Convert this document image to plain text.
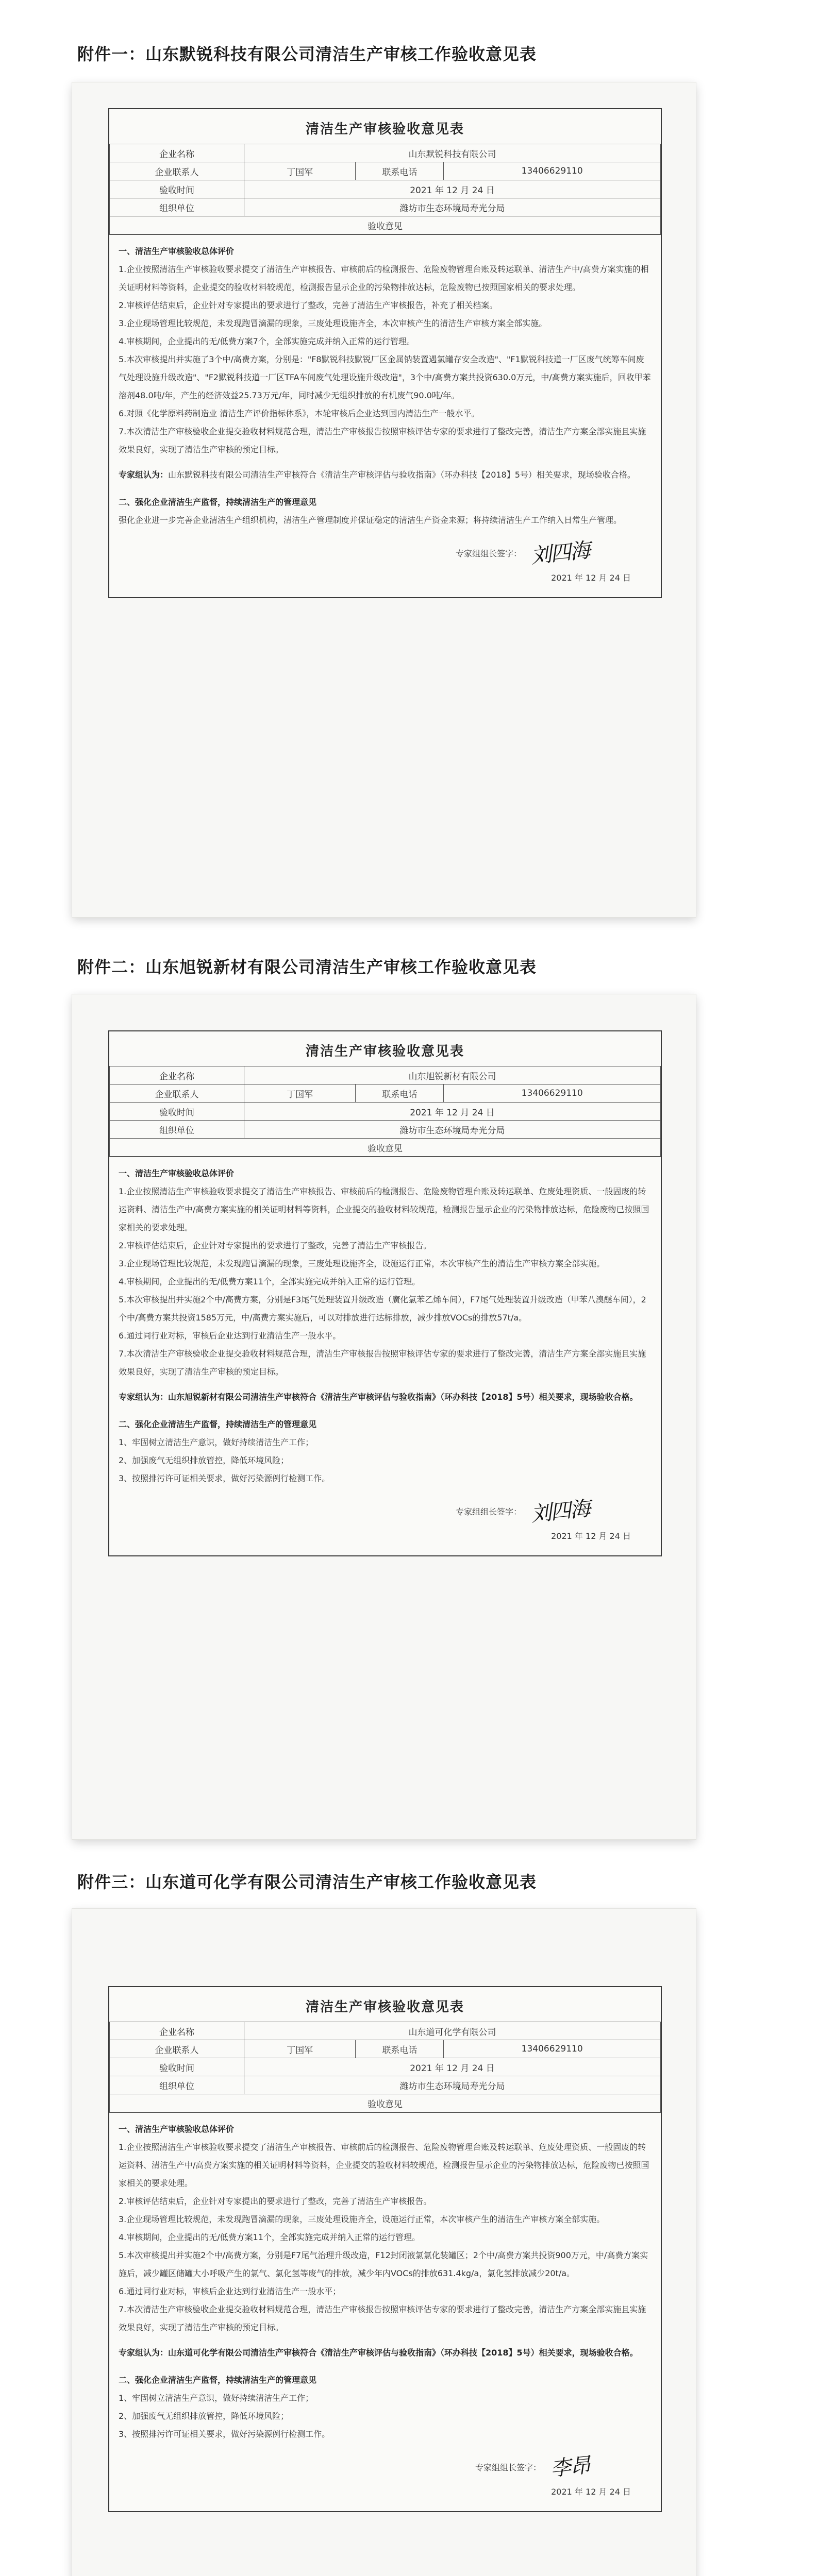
附件一：山东默锐科技有限公司清洁生产审核工作验收意见表
清洁生产审核验收意见表
企业名称	山东默锐科技有限公司		
企业联系人	丁国军	联系电话	13406629110
验收时间	2021 年 12 月 24 日		
组织单位	潍坊市生态环境局寿光分局		
验收意见			

一、清洁生产审核验收总体评价

1.企业按照清洁生产审核验收要求提交了清洁生产审核报告、审核前后的检测报告、危险废物管理台账及转运联单、清洁生产中/高费方案实施的相关证明材料等资料，企业提交的验收材料较规范，检测报告显示企业的污染物排放达标，危险废物已按照国家相关的要求处理。

2.审核评估结束后，企业针对专家提出的要求进行了整改，完善了清洁生产审核报告，补充了相关档案。

3.企业现场管理比较规范，未发现跑冒滴漏的现象，三废处理设施齐全，本次审核产生的清洁生产审核方案全部实施。

4.审核期间，企业提出的无/低费方案7个，全部实施完成并纳入正常的运行管理。

5.本次审核提出并实施了3个中/高费方案，分别是："F8默锐科技默锐厂区金属钠装置遇氯罐存安全改造"、"F1默锐科技道一厂区废气统筹车间废气处理设施升级改造"、"F2默锐科技道一厂区TFA车间废气处理设施升级改造"，3个中/高费方案共投资630.0万元，中/高费方案实施后，回收甲苯溶剂48.0吨/年，产生的经济效益25.73万元/年，同时减少无组织排放的有机废气90.0吨/年。

6.对照《化学原料药制造业 清洁生产评价指标体系》，本轮审核后企业达到国内清洁生产一般水平。

7.本次清洁生产审核验收企业提交验收材料规范合理，清洁生产审核报告按照审核评估专家的要求进行了整改完善，清洁生产方案全部实施且实施效果良好，实现了清洁生产审核的预定目标。

专家组认为：山东默锐科技有限公司清洁生产审核符合《清洁生产审核评估与验收指南》（环办科技【2018】5号）相关要求，现场验收合格。

二、强化企业清洁生产监督，持续清洁生产的管理意见

强化企业进一步完善企业清洁生产组织机构，清洁生产管理制度并保证稳定的清洁生产资金来源；将持续清洁生产工作纳入日常生产管理。

专家组组长签字： 刘四海
2021 年 12 月 24 日
附件二：山东旭锐新材有限公司清洁生产审核工作验收意见表
清洁生产审核验收意见表
企业名称	山东旭锐新材有限公司		
企业联系人	丁国军	联系电话	13406629110
验收时间	2021 年 12 月 24 日		
组织单位	潍坊市生态环境局寿光分局		
验收意见			

一、清洁生产审核验收总体评价

1.企业按照清洁生产审核验收要求提交了清洁生产审核报告、审核前后的检测报告、危险废物管理台账及转运联单、危废处理资质、一般固废的转运资料、清洁生产中/高费方案实施的相关证明材料等资料，企业提交的验收材料较规范，检测报告显示企业的污染物排放达标，危险废物已按照国家相关的要求处理。

2.审核评估结束后，企业针对专家提出的要求进行了整改，完善了清洁生产审核报告。

3.企业现场管理比较规范，未发现跑冒滴漏的现象，三废处理设施齐全，设施运行正常，本次审核产生的清洁生产审核方案全部实施。

4.审核期间，企业提出的无/低费方案11个，全部实施完成并纳入正常的运行管理。

5.本次审核提出并实施2个中/高费方案，分别是F3尾气处理装置升级改造（廣化氯苯乙烯车间），F7尾气处理装置升级改造（甲苯八溴醚车间），2个中/高费方案共投资1585万元，中/高费方案实施后，可以对排放进行达标排放，减少排放VOCs的排放57t/a。

6.通过同行业对标，审核后企业达到行业清洁生产一般水平。

7.本次清洁生产审核验收企业提交验收材料规范合理，清洁生产审核报告按照审核评估专家的要求进行了整改完善，清洁生产方案全部实施且实施效果良好，实现了清洁生产审核的预定目标。

专家组认为：山东旭锐新材有限公司清洁生产审核符合《清洁生产审核评估与验收指南》（环办科技【2018】5号）相关要求，现场验收合格。

二、强化企业清洁生产监督，持续清洁生产的管理意见

1、牢固树立清洁生产意识，做好持续清洁生产工作；

2、加强废气无组织排放管控，降低环境风险；

3、按照排污许可证相关要求，做好污染源例行检测工作。

专家组组长签字： 刘四海
2021 年 12 月 24 日
附件三：山东道可化学有限公司清洁生产审核工作验收意见表
清洁生产审核验收意见表
企业名称	山东道可化学有限公司		
企业联系人	丁国军	联系电话	13406629110
验收时间	2021 年 12 月 24 日		
组织单位	潍坊市生态环境局寿光分局		
验收意见			

一、清洁生产审核验收总体评价

1.企业按照清洁生产审核验收要求提交了清洁生产审核报告、审核前后的检测报告、危险废物管理台账及转运联单、危废处理资质、一般固废的转运资料、清洁生产中/高费方案实施的相关证明材料等资料，企业提交的验收材料较规范，检测报告显示企业的污染物排放达标，危险废物已按照国家相关的要求处理。

2.审核评估结束后，企业针对专家提出的要求进行了整改，完善了清洁生产审核报告。

3.企业现场管理比较规范，未发现跑冒滴漏的现象，三废处理设施齐全，设施运行正常，本次审核产生的清洁生产审核方案全部实施。

4.审核期间，企业提出的无/低费方案11个，全部实施完成并纳入正常的运行管理。

5.本次审核提出并实施2个中/高费方案，分别是F7尾气治理升级改造，F12封闭液氯氯化装罐区；2个中/高费方案共投资900万元，中/高费方案实施后，减少罐区储罐大小呼吸产生的氯气、氯化氢等废气的排放，减少年内VOCs的排放631.4kg/a，氯化氢排放减少20t/a。

6.通过同行业对标，审核后企业达到行业清洁生产一般水平；

7.本次清洁生产审核验收企业提交验收材料规范合理，清洁生产审核报告按照审核评估专家的要求进行了整改完善，清洁生产方案全部实施且实施效果良好，实现了清洁生产审核的预定目标。

专家组认为：山东道可化学有限公司清洁生产审核符合《清洁生产审核评估与验收指南》（环办科技【2018】5号）相关要求，现场验收合格。

二、强化企业清洁生产监督，持续清洁生产的管理意见

1、牢固树立清洁生产意识，做好持续清洁生产工作；

2、加强废气无组织排放管控，降低环境风险；

3、按照排污许可证相关要求，做好污染源例行检测工作。

专家组组长签字： 李昂
2021 年 12 月 24 日
